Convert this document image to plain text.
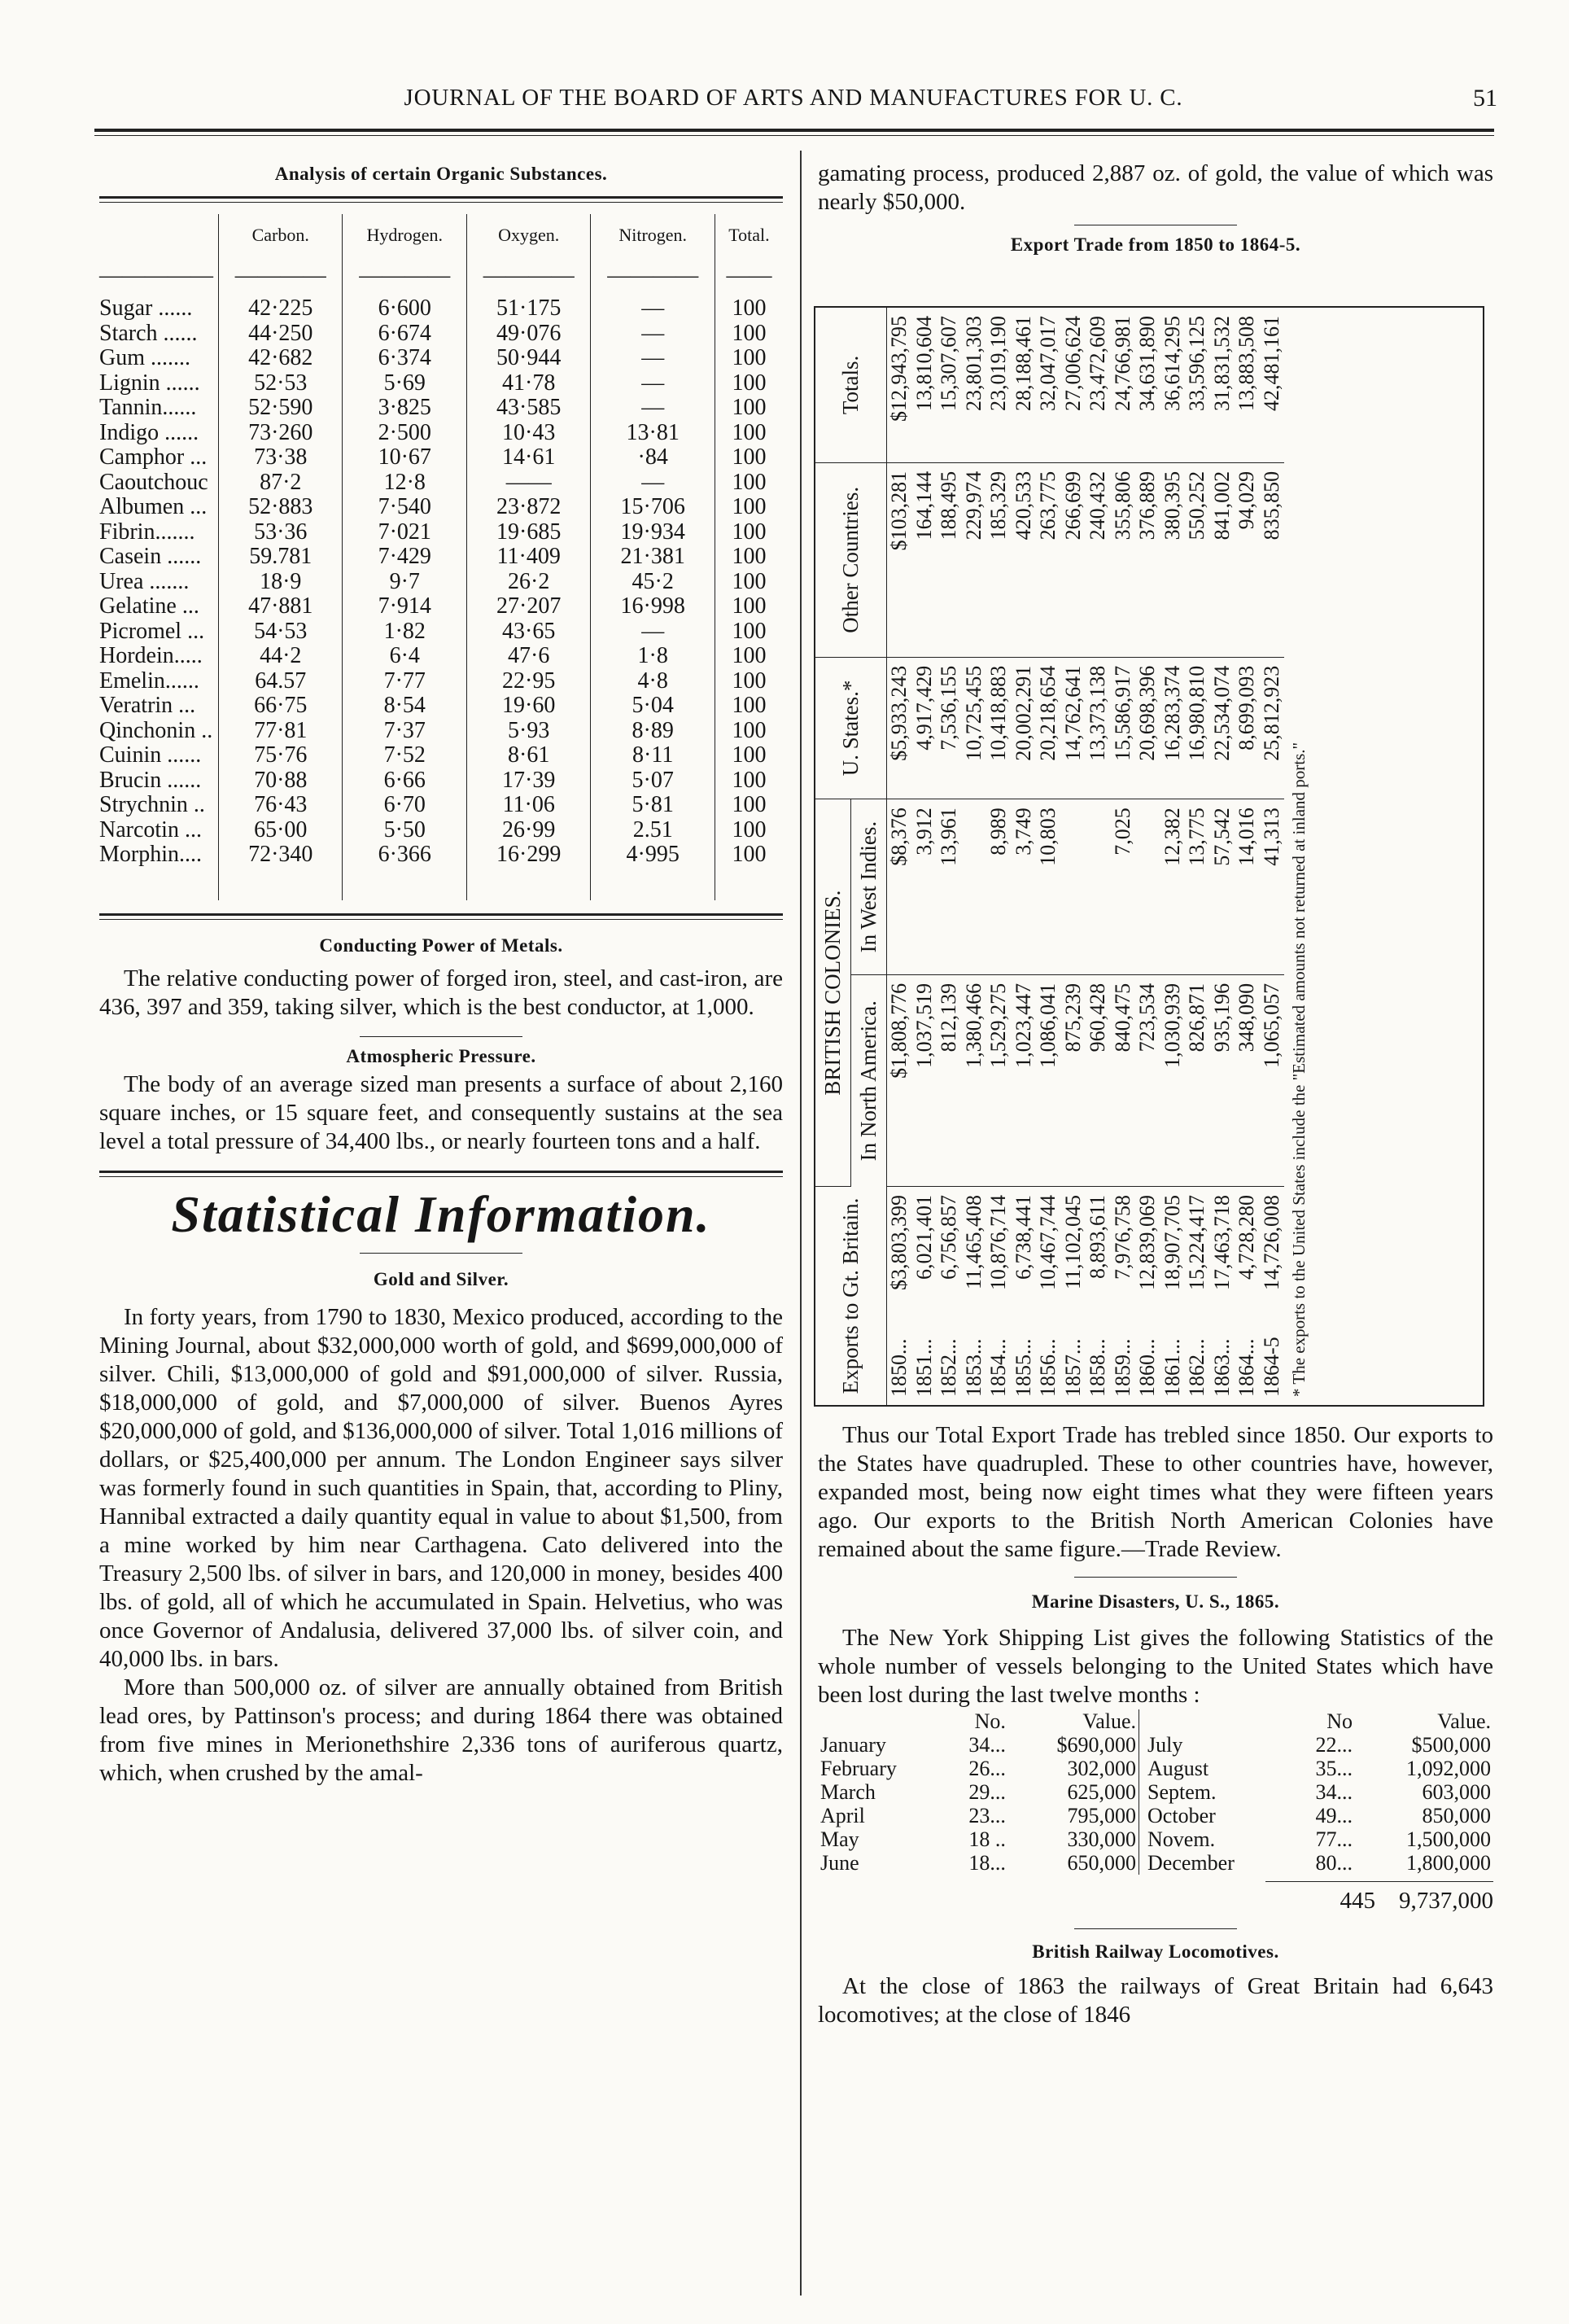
JOURNAL OF THE BOARD OF ARTS AND MANUFACTURES FOR U. C.	51
Analysis of certain Organic Substances.
	Carbon.	Hydrogen.	Oxygen.	Nitrogen.	Total.
—————	————	————	————	————	——
Sugar ......	42·225	6·600	51·175	—	100
Starch ......	44·250	6·674	49·076	—	100
Gum .......	42·682	6·374	50·944	—	100
Lignin ......	52·53	5·69	41·78	—	100
Tannin......	52·590	3·825	43·585	—	100
Indigo ......	73·260	2·500	10·43	13·81	100
Camphor ...	73·38	10·67	14·61	·84	100
Caoutchouc	87·2	12·8	——	—	100
Albumen ...	52·883	7·540	23·872	15·706	100
Fibrin.......	53·36	7·021	19·685	19·934	100
Casein ......	59.781	7·429	11·409	21·381	100
Urea .......	18·9	9·7	26·2	45·2	100
Gelatine ...	47·881	7·914	27·207	16·998	100
Picromel ...	54·53	1·82	43·65	—	100
Hordein.....	44·2	6·4	47·6	1·8	100
Emelin......	64.57	7·77	22·95	4·8	100
Veratrin ...	66·75	8·54	19·60	5·04	100
Qinchonin ..	77·81	7·37	5·93	8·89	100
Cuinin ......	75·76	7·52	8·61	8·11	100
Brucin ......	70·88	6·66	17·39	5·07	100
Strychnin ..	76·43	6·70	11·06	5·81	100
Narcotin ...	65·00	5·50	26·99	2.51	100
Morphin....	72·340	6·366	16·299	4·995	100

Conducting Power of Metals.

The relative conducting power of forged iron, steel, and cast-iron, are 436, 397 and 359, taking silver, which is the best conductor, at 1,000.

Atmospheric Pressure.

The body of an average sized man presents a surface of about 2,160 square inches, or 15 square feet, and consequently sustains at the sea level a total pressure of 34,400 lbs., or nearly fourteen tons and a half.

Statistical Information.
Gold and Silver.

In forty years, from 1790 to 1830, Mexico produced, according to the Mining Journal, about $32,000,000 worth of gold, and $699,000,000 of silver. Chili, $13,000,000 of gold and $91,000,000 of silver. Russia, $18,000,000 of gold, and $7,000,000 of silver. Buenos Ayres $20,000,000 of gold, and $136,000,000 of silver. Total 1,016 millions of dollars, or $25,400,000 per annum. The London Engineer says silver was formerly found in such quantities in Spain, that, according to Pliny, Hannibal extracted a daily quantity equal in value to about $1,500, from a mine worked by him near Carthagena. Cato delivered into the Treasury 2,500 lbs. of silver in bars, and 120,000 in money, besides 400 lbs. of gold, all of which he accumulated in Spain. Helvetius, who was once Governor of Andalusia, delivered 37,000 lbs. of silver coin, and 40,000 lbs. in bars.

More than 500,000 oz. of silver are annually obtained from British lead ores, by Pattinson's process; and during 1864 there was obtained from five mines in Merionethshire 2,336 tons of auriferous quartz, which, when crushed by the amal-

gamating process, produced 2,887 oz. of gold, the value of which was nearly $50,000.

Export Trade from 1850 to 1864-5.
Exports to Gt. Britain.	BRITISH COLONIES.		U. States.*	Other Countries.	Totals.
	In North America.	In West Indies.			
1850...
$3,803,399	$1,808,776	$8,376	$5,933,243	$103,281	$12,943,795
1851...
6,021,401	1,037,519	3,912	4,917,429	164,144	13,810,604
1852...
6,756,857	812,139	13,961	7,536,155	188,495	15,307,607
1853...
11,465,408	1,380,466		10,725,455	229,974	23,801,303
1854...
10,876,714	1,529,275	8,989	10,418,883	185,329	23,019,190
1855...
6,738,441	1,023,447	3,749	20,002,291	420,533	28,188,461
1856...
10,467,744	1,086,041	10,803	20,218,654	263,775	32,047,017
1857...
11,102,045	875,239		14,762,641	266,699	27,006,624
1858...
8,893,611	960,428		13,373,138	240,432	23,472,609
1859...
7,976,758	840,475	7,025	15,586,917	355,806	24,766,981
1860...
12,839,069	723,534		20,698,396	376,889	34,631,890
1861...
18,907,705	1,030,939	12,382	16,283,374	380,395	36,614,295
1862...
15,224,417	826,871	13,775	16,980,810	550,252	33,596,125
1863...
17,463,718	935,196	57,542	22,534,074	841,002	31,831,532
1864...
4,728,280	348,090	14,016	8,699,093	94,029	13,883,508
1864-5
14,726,008	1,065,057	41,313	25,812,923	835,850	42,481,161
* The exports to the United States include the "Estimated amounts not returned at inland ports."

Thus our Total Export Trade has trebled since 1850. Our exports to the States have quadrupled. These to other countries have, however, expanded most, being now eight times what they were fifteen years ago. Our exports to the British North American Colonies have remained about the same figure.—Trade Review.

Marine Disasters, U. S., 1865.

The New York Shipping List gives the following Statistics of the whole number of vessels belonging to the United States which have been lost during the last twelve months :

	No.	Value.		No	Value.
January	34...	$690,000	July	22...	$500,000
February	26...	302,000	August	35...	1,092,000
March	29...	625,000	Septem.	34...	603,000
April	23...	795,000	October	49...	850,000
May	18 ..	330,000	Novem.	77...	1,500,000
June	18...	650,000	December	80...	1,800,000
445 9,737,000
British Railway Locomotives.

At the close of 1863 the railways of Great Britain had 6,643 locomotives; at the close of 1846
